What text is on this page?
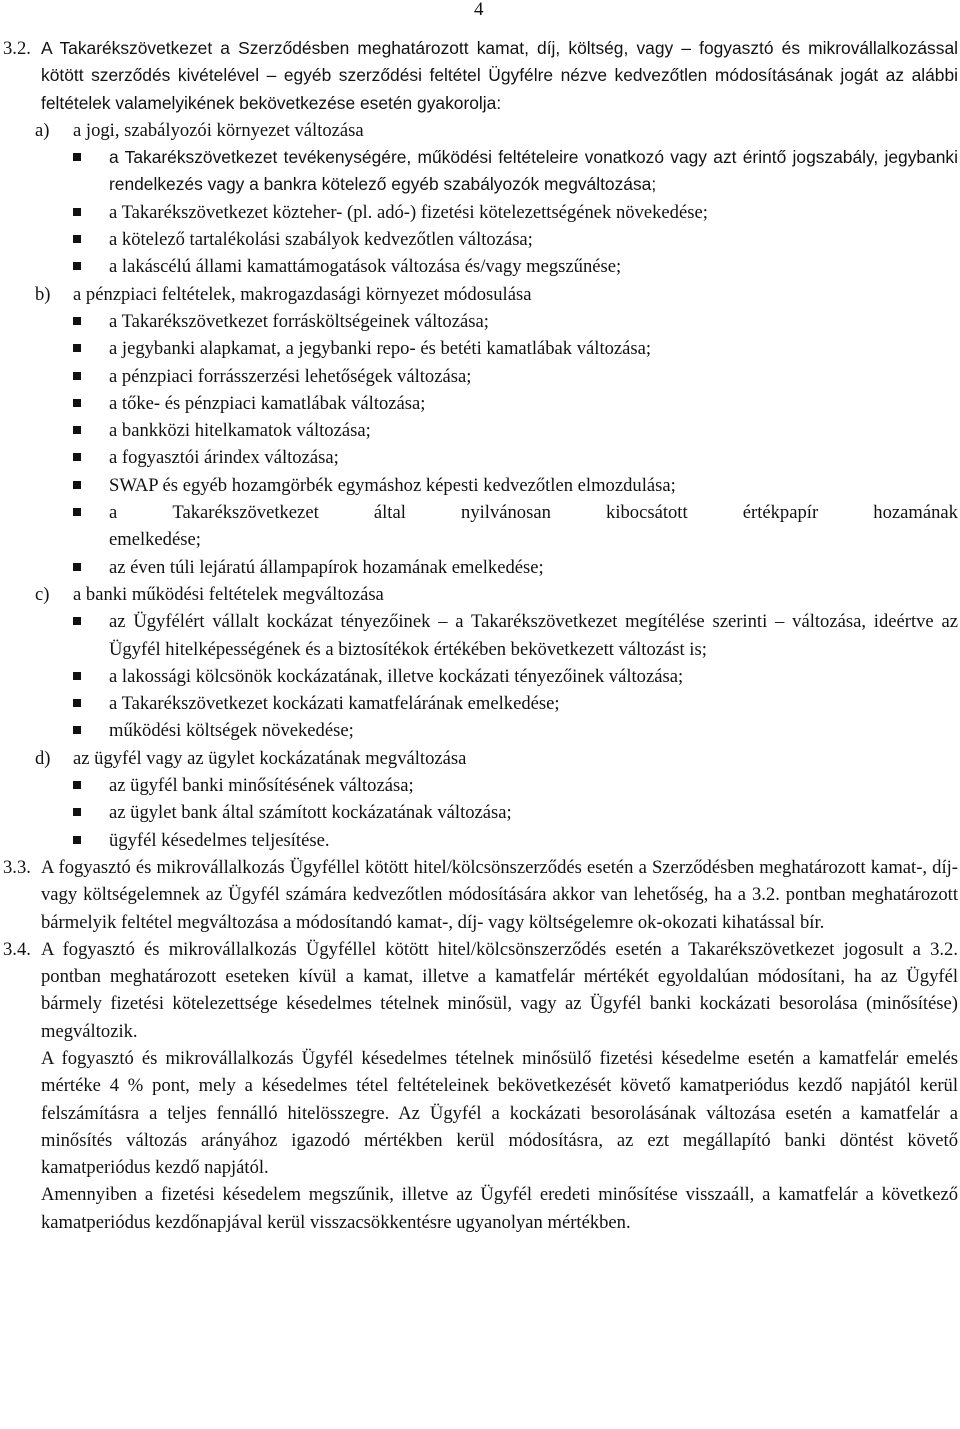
4
3.2. A Takarékszövetkezet a Szerződésben meghatározott kamat, díj, költség, vagy – fogyasztó és mikrovállalkozással kötött szerződés kivételével – egyéb szerződési feltétel Ügyfélre nézve kedvezőtlen módosításának jogát az alábbi feltételek valamelyikének bekövetkezése esetén gyakorolja:
a)	a jogi, szabályozói környezet változása
a Takarékszövetkezet tevékenységére, működési feltételeire vonatkozó vagy azt érintő jogszabály, jegybanki rendelkezés vagy a bankra kötelező egyéb szabályozók megváltozása;
a Takarékszövetkezet közteher- (pl. adó-) fizetési kötelezettségének növekedése;
a kötelező tartalékolási szabályok kedvezőtlen változása;
a lakáscélú állami kamattámogatások változása és/vagy megszűnése;
b)	a pénzpiaci feltételek, makrogazdasági környezet módosulása
a Takarékszövetkezet forrásköltségeinek változása;
a jegybanki alapkamat, a jegybanki repo- és betéti kamatlábak változása;
a pénzpiaci forrásszerzési lehetőségek változása;
a tőke- és pénzpiaci kamatlábak változása;
a bankközi hitelkamatok változása;
a fogyasztói árindex változása;
SWAP és egyéb hozamgörbék egymáshoz képesti kedvezőtlen elmozdulása;
a	Takarékszövetkezet	által	nyilvánosan	kibocsátott	értékpapír	hozamának
emelkedése;
az éven túli lejáratú állampapírok hozamának emelkedése;
c)	a banki működési feltételek megváltozása
az Ügyfélért vállalt kockázat tényezőinek – a Takarékszövetkezet megítélése szerinti – változása, ideértve az Ügyfél hitelképességének és a biztosítékok értékében bekövetkezett változást is;
a lakossági kölcsönök kockázatának, illetve kockázati tényezőinek változása;
a Takarékszövetkezet kockázati kamatfelárának emelkedése;
működési költségek növekedése;
d)	az ügyfél vagy az ügylet kockázatának megváltozása
az ügyfél banki minősítésének változása;
az ügylet bank által számított kockázatának változása;
ügyfél késedelmes teljesítése.
3.3. A fogyasztó és mikrovállalkozás Ügyféllel kötött hitel/kölcsönszerződés esetén a Szerződésben meghatározott kamat-, díj- vagy költségelemnek az Ügyfél számára kedvezőtlen módosítására akkor van lehetőség, ha a 3.2. pontban meghatározott bármelyik feltétel megváltozása a módosítandó kamat-, díj- vagy költségelemre ok-okozati kihatással bír.
3.4. A fogyasztó és mikrovállalkozás Ügyféllel kötött hitel/kölcsönszerződés esetén a Takarékszövetkezet jogosult a 3.2. pontban meghatározott eseteken kívül a kamat, illetve a kamatfelár mértékét egyoldalúan módosítani, ha az Ügyfél bármely fizetési kötelezettsége késedelmes tételnek minősül, vagy az Ügyfél banki kockázati besorolása (minősítése) megváltozik.
A fogyasztó és mikrovállalkozás Ügyfél késedelmes tételnek minősülő fizetési késedelme esetén a kamatfelár emelés mértéke 4 % pont, mely a késedelmes tétel feltételeinek bekövetkezését követő kamatperiódus kezdő napjától kerül felszámításra a teljes fennálló hitelösszegre. Az Ügyfél a kockázati besorolásának változása esetén a kamatfelár a minősítés változás arányához igazodó mértékben kerül módosításra, az ezt megállapító banki döntést követő kamatperiódus kezdő napjától.
Amennyiben a fizetési késedelem megszűnik, illetve az Ügyfél eredeti minősítése visszaáll, a kamatfelár a következő kamatperiódus kezdőnapjával kerül visszacsökkentésre ugyanolyan mértékben.
